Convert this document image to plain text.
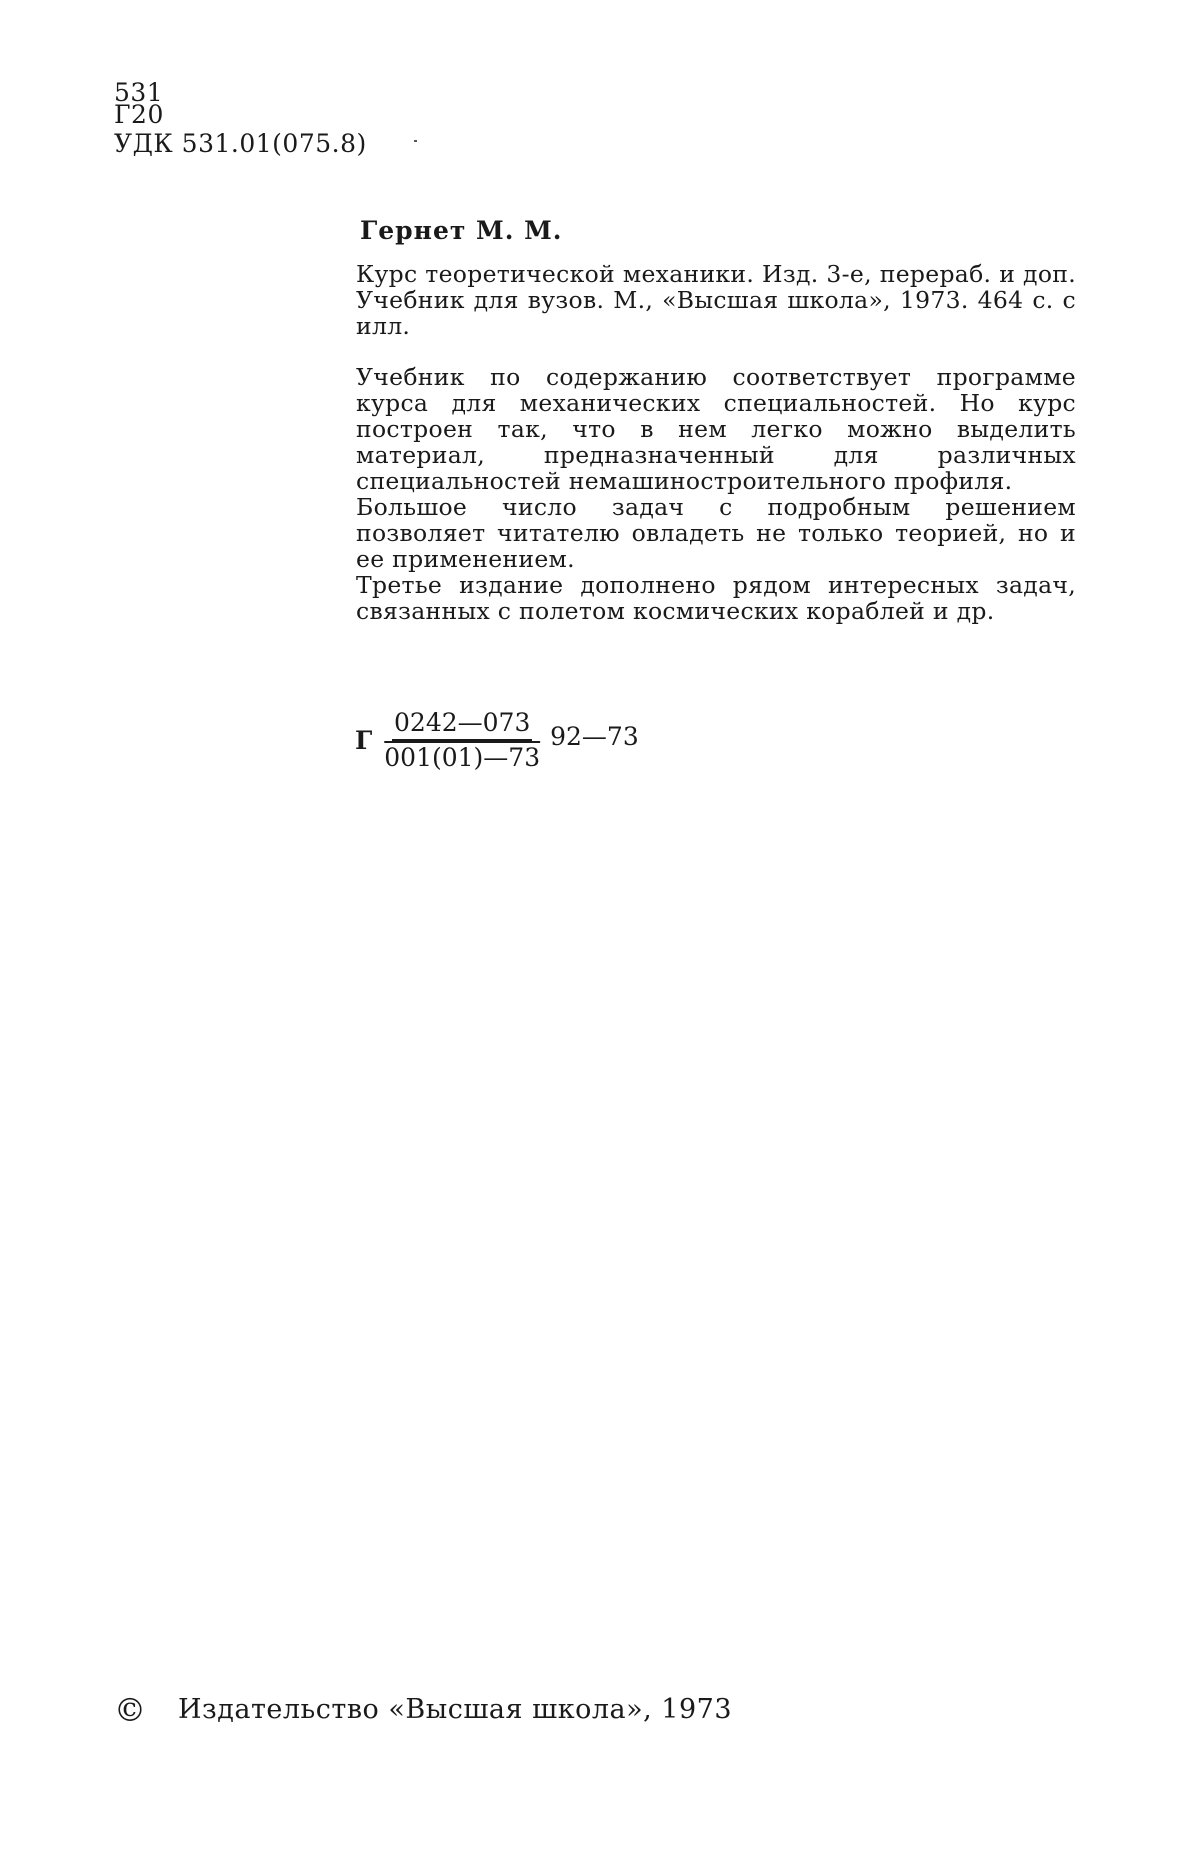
531
Г20
УДК 531.01(075.8)
Гернет М. М.
Курс теоретической механики. Изд. 3-е, перераб. и доп. Учебник для вузов. М., «Высшая школа», 1973. 464 с. с илл.

Учебник по содержанию соответствует программе курса для механических специальностей. Но курс построен так, что в нем легко можно выделить материал, предназначенный для различных специальностей немашиностроительного профиля.

Большое число задач с подробным решением позволяет читателю овладеть не только теорией, но и ее применением.

Третье издание дополнено рядом интересных задач, связанных с полетом космических кораблей и др.

Г $\frac{0242—073}{001(01)—73}$ 92—73
© Издательство «Высшая школа», 1973
